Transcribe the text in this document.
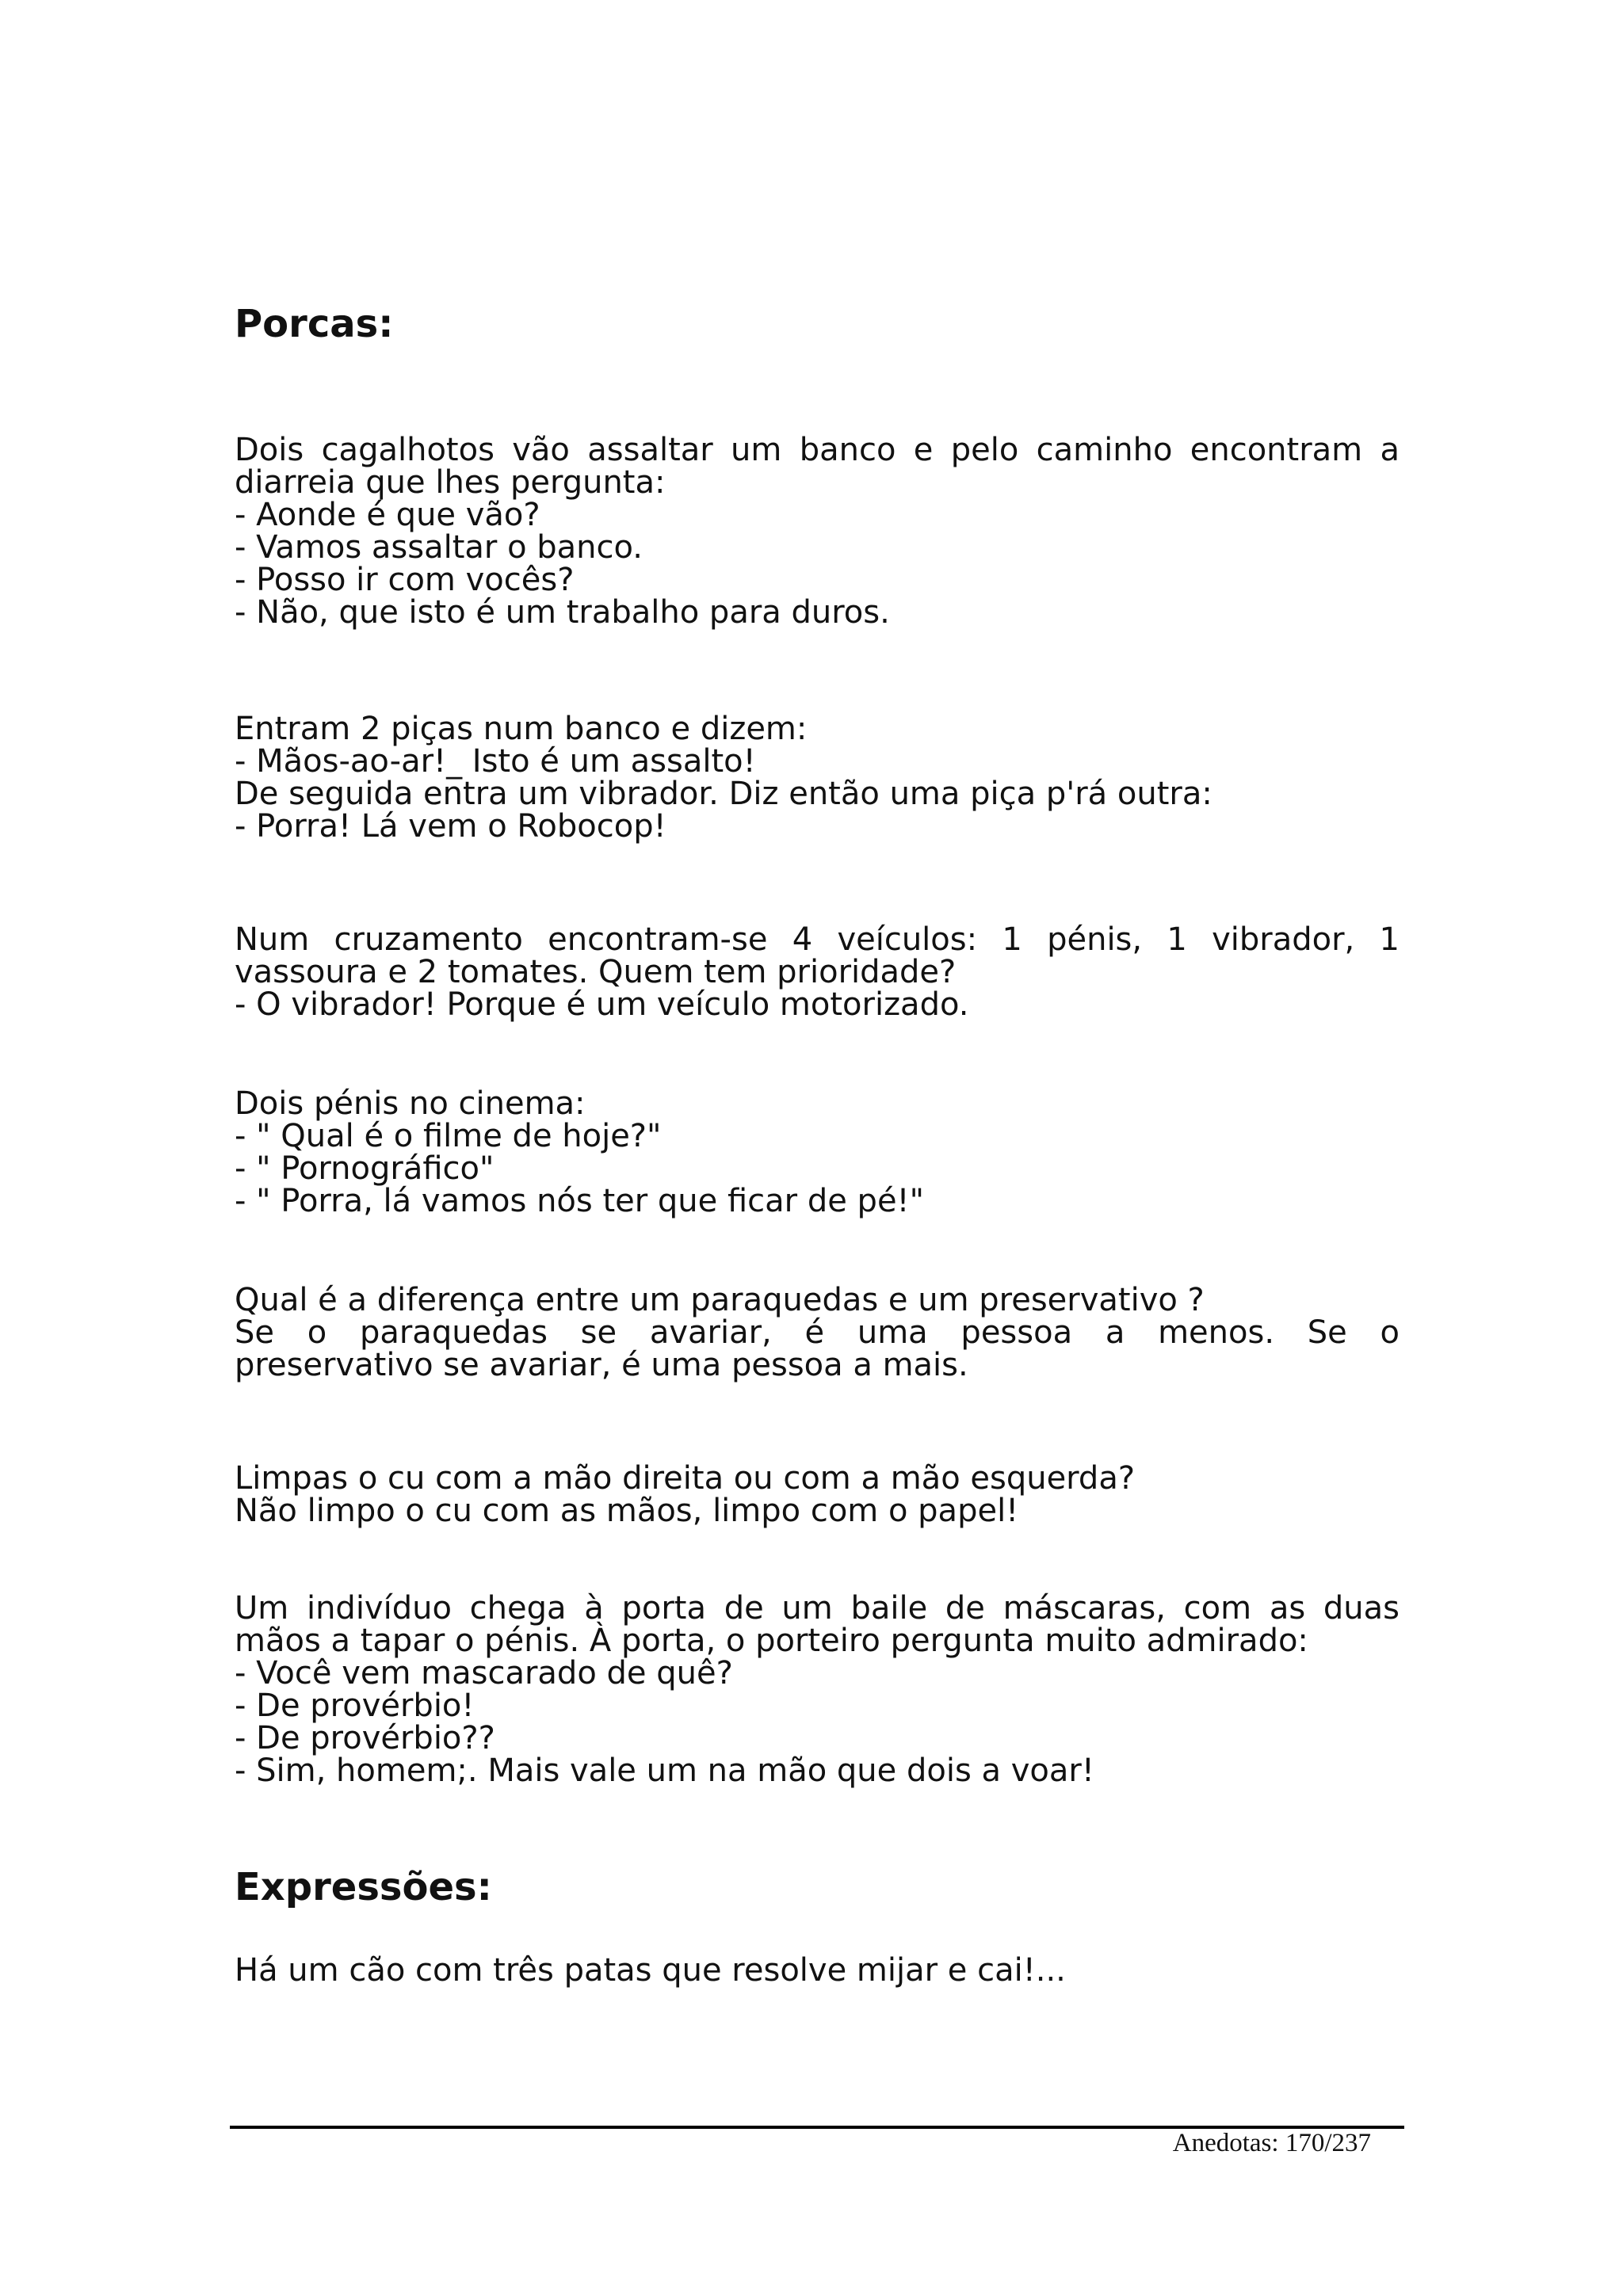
Porcas:
Dois cagalhotos vão assaltar um banco e pelo caminho encontram a
diarreia que lhes pergunta:
- Aonde é que vão?
- Vamos assaltar o banco.
- Posso ir com vocês?
- Não, que isto é um trabalho para duros.
Entram 2 piças num banco e dizem:
- Mãos-ao-ar!_ Isto é um assalto!
De seguida entra um vibrador. Diz então uma piça p'rá outra:
- Porra! Lá vem o Robocop!
Num cruzamento encontram-se 4 veículos: 1 pénis, 1 vibrador, 1
vassoura e 2 tomates. Quem tem prioridade?
- O vibrador! Porque é um veículo motorizado.
Dois pénis no cinema:
- " Qual é o filme de hoje?"
- " Pornográfico"
- " Porra, lá vamos nós ter que ficar de pé!"
Qual é a diferença entre um paraquedas e um preservativo ?
Se o paraquedas se avariar, é uma pessoa a menos. Se o
preservativo se avariar, é uma pessoa a mais.
Limpas o cu com a mão direita ou com a mão esquerda?
Não limpo o cu com as mãos, limpo com o papel!
Um indivíduo chega à porta de um baile de máscaras, com as duas
mãos a tapar o pénis. À porta, o porteiro pergunta muito admirado:
- Você vem mascarado de quê?
- De provérbio!
- De provérbio??
- Sim, homem;. Mais vale um na mão que dois a voar!
Expressões:
Há um cão com três patas que resolve mijar e cai!...
Anedotas: 170/237
